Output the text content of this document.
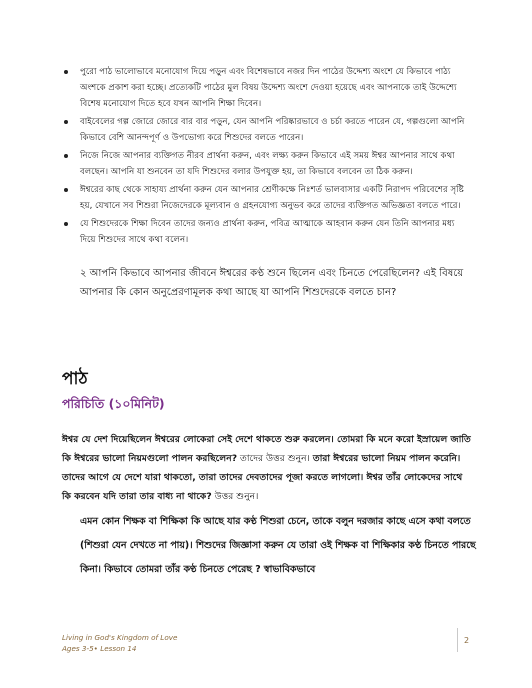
পুরো পাঠ ভালোভাবে মনোযোগ দিয়ে পড়ুন এবং বিশেষভাবে নজর দিন পাঠের উদ্দেশ্য অংশে যে কিভাবে পাঠ্য অংশকে প্রকাশ করা হচ্ছে। প্রত্যেকটি পাঠের মুল বিষয় উদ্দেশ্য অংশে দেওয়া হয়েছে এবং আপনাকে তাই উদ্দেশ্যে বিশেষ মনোযোগ দিতে হবে যখন আপনি শিক্ষা দিবেন।
বাইবেলের গল্প জোরে জোরে বার বার পড়ুন, যেন আপনি পরিষ্কারভাবে ও চর্চা করতে পারেন যে, গল্পগুলো আপনি কিভাবে বেশি আনন্দপূর্ণ ও উপভোগ্য করে শিশুদের বলতে পারেন।
নিজে নিজে আপনার ব্যক্তিগত নীরব প্রার্থনা করুন, এবং লক্ষ্য করুন কিভাবে এই সময় ঈশ্বর আপনার সাথে কথা বলছেন। আপনি যা শুনবেন তা যদি শিশুদের বলার উপযুক্ত হয়, তা কিভাবে বলবেন তা ঠিক করুন।
ঈশ্বরের কাছ থেকে সাহায্য প্রার্থনা করুন যেন আপনার শ্রেণীকক্ষে নিঃশর্ত ভালবাসার একটি নিরাপদ পরিবেশের সৃষ্টি হয়, যেখানে সব শিশুরা নিজেদেরকে মূল্যবান ও গ্রহনযোগ্য অনুভব করে তাদের ব্যক্তিগত অভিজ্ঞতা বলতে পারে।
যে শিশুদেরকে শিক্ষা দিবেন তাদের জন্যও প্রার্থনা করুন, পবিত্র আত্মাকে আহবান করুন যেন তিনি আপনার মধ্য দিয়ে শিশুদের সাথে কথা বলেন।

২ আপনি কিভাবে আপনার জীবনে ঈশ্বরের কণ্ঠ শুনে ছিলেন এবং চিনতে পেরেছিলেন? এই বিষয়ে আপনার কি কোন অনুপ্রেরণামূলক কথা আছে যা আপনি শিশুদেরকে বলতে চান?

পাঠ
পরিচিতি (১০মিনিট)

ঈশ্বর যে দেশ দিয়েছিলেন ঈশ্বরের লোকেরা সেই দেশে থাকতে শুরু করলেন। তোমরা কি মনে করো ইস্রায়েল জাতি কি ঈশ্বরের ভালো নিয়মগুলো পালন করছিলেন? তাদের উত্তর শুনুন। তারা ঈশ্বরের ভালো নিয়ম পালন করেনি। তাদের আগে যে দেশে যারা থাকতো, তারা তাদের দেবতাদের পূজা করতে লাগলো। ঈশ্বর তাঁর লোকেদের সাথে কি করবেন যদি তারা তার বাধ্য না থাকে? উত্তর শুনুন।

এমন কোন শিক্ষক বা শিক্ষিকা কি আছে যার কণ্ঠ শিশুরা চেনে, তাকে বলুন দরজার কাছে এসে কথা বলতে (শিশুরা যেন দেখতে না পায়)। শিশুদের জিজ্ঞাসা করুন যে তারা ওই শিক্ষক বা শিক্ষিকার কণ্ঠ চিনতে পারছে কিনা। কিভাবে তোমরা তাঁর কণ্ঠ চিনতে পেরেছ ? স্বাভাবিকভাবে

Living in God's Kingdom of Love
Ages 3-5• Lesson 14
2
